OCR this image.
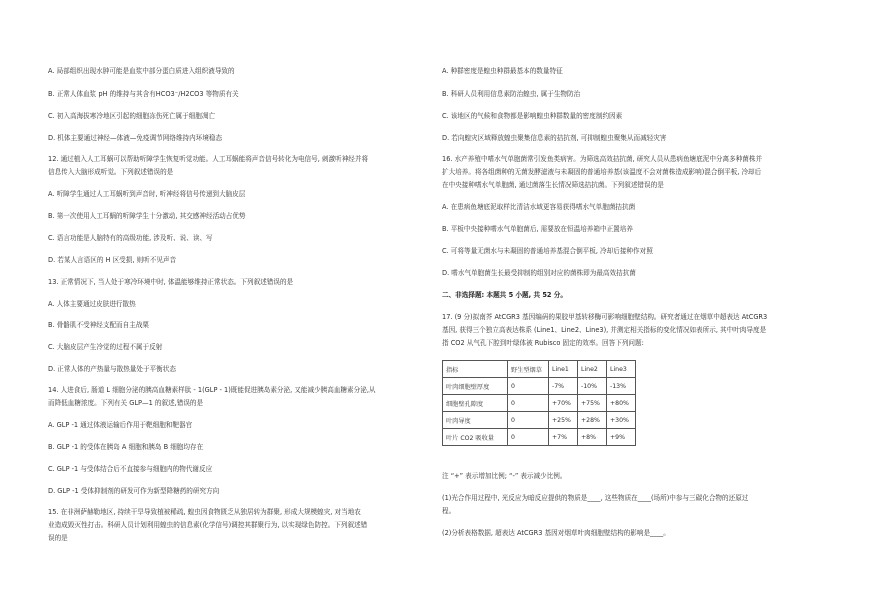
A. 局部组织出现水肿可能是血浆中部分蛋白质进入组织液导致的
B. 正常人体血浆 pH 的维持与其含有HCO3⁻/H2CO3 等物质有关
C. 初入高海拔寒冷地区引起的细胞冻伤死亡属于细胞凋亡
D. 机体主要通过神经—体液—免疫调节网络维持内环境稳态
12. 通过植入人工耳蜗可以帮助听障学生恢复听觉功能。人工耳蜗能将声音信号转化为电信号, 刺激听神经并将
信息传入大脑形成听觉。下列叙述错误的是
A. 听障学生通过人工耳蜗听到声音时, 听神经将信号传递到大脑皮层
B. 第一次使用人工耳蜗的听障学生十分激动, 其交感神经活动占优势
C. 语言功能是人脑特有的高级功能, 涉及听、说、读、写
D. 若某人言语区的 H 区受损, 则听不见声音
13. 正常情况下, 当人处于寒冷环境中时, 体温能够维持正常状态。下列叙述错误的是
A. 人体主要通过皮肤进行散热
B. 骨骼肌不受神经支配而自主战栗
C. 大脑皮层产生冷觉的过程不属于反射
D. 正常人体的产热量与散热量处于平衡状态
14. 人进食后, 肠道 L 细胞分泌的胰高血糖素样肽 - 1(GLP - 1)既能促进胰岛素分泌, 又能减少胰高血糖素分泌,从
而降低血糖浓度。下列有关 GLP—1 的叙述,错误的是
A. GLP -1 通过体液运输后作用于靶细胞和靶器官
B. GLP -1 的受体在胰岛 A 细胞和胰岛 B 细胞均存在
C. GLP -1 与受体结合后不直接参与细胞内的物代谢反应
D. GLP -1 受体抑制剂的研发可作为新型降糖药的研究方向
15. 在非洲萨赫勒地区, 持续干旱导致植被稀疏, 蝗虫因食物匮乏从独居转为群聚, 形成大规模蝗灾, 对当地农
业造成毁灭性打击。科研人员计划利用蝗虫的信息素(化学信号)调控其群聚行为, 以实现绿色防控。下列叙述错
误的是
A. 种群密度是蝗虫种群最基本的数量特征
B. 科研人员利用信息素防治蝗虫, 属于生物防治
C. 该地区的气候和食物都是影响蝗虫种群数量的密度制约因素
D. 若向蝗灾区域释放蝗虫聚集信息素的拮抗剂, 可抑制蝗虫聚集从而减轻灾害
16. 水产养殖中嗜水气单胞菌常引发鱼类病害。为筛选高效拮抗菌, 研究人员从患病鱼塘底泥中分离多种菌株并
扩大培养。将各组菌种的无菌发酵滤液与未凝固的普通培养基(该温度不会对菌株造成影响)混合倒平板, 冷却后
在中央接种嗜水气单胞菌, 通过菌落生长情况筛选拮抗菌。下列叙述错误的是
A. 在患病鱼塘底泥取样比清洁水域更容易获得嗜水气单胞菌拮抗菌
B. 平板中央接种嗜水气单胞菌后, 需要放在恒温培养箱中正置培养
C. 可将等量无菌水与未凝固的普通培养基混合倒平板, 冷却后接种作对照
D. 嗜水气单胞菌生长最受抑制的组别对应的菌株即为最高效拮抗菌
二、非选择题: 本题共 5 小题, 共 52 分。
17. (9 分)拟南芥 AtCGR3 基因编码的果胶甲基转移酶可影响细胞壁结构。研究者通过在烟草中超表达 AtCGR3
基因, 获得三个独立高表达株系 (Line1、Line2、Line3), 并测定相关指标的变化情况如表所示, 其中叶肉导度是
指 CO2 从气孔下腔到叶绿体被 Rubisco 固定的效率。回答下列问题:
指标	野生型烟草	Line1	Line2	Line3
叶肉细胞壁厚度	0	-7%	-10%	-13%
细胞壁孔隙度	0	+70%	+75%	+80%
叶肉导度	0	+25%	+28%	+30%
叶片 CO2 吸收量	0	+7%	+8%	+9%
注 “+” 表示增加比例; “-” 表示减少比例。
(1)光合作用过程中, 光反应为暗反应提供的物质是____, 这些物质在____(场所)中参与三碳化合物的还原过
程。
(2)分析表格数据, 超表达 AtCGR3 基因对烟草叶肉细胞壁结构的影响是____。
